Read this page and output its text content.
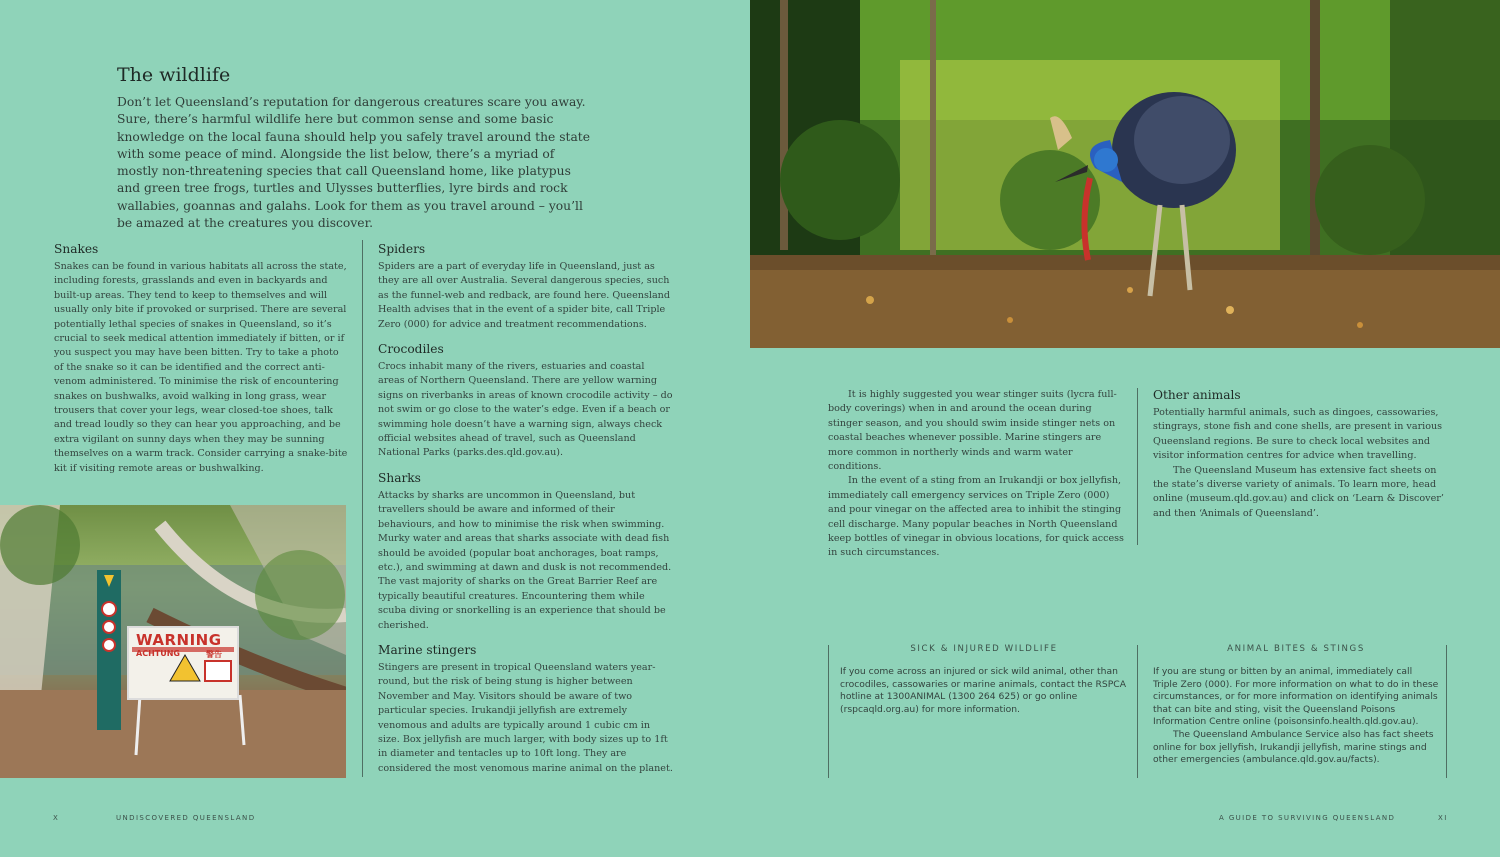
The wildlife

Don’t let Queensland’s reputation for dangerous creatures scare you away. Sure, there’s harmful wildlife here but common sense and some basic knowledge on the local fauna should help you safely travel around the state with some peace of mind. Alongside the list below, there’s a myriad of mostly non-threatening species that call Queensland home, like platypus and green tree frogs, turtles and Ulysses butterflies, lyre birds and rock wallabies, goannas and galahs. Look for them as you travel around – you’ll be amazed at the creatures you discover.

Snakes

Snakes can be found in various habitats all across the state, including forests, grasslands and even in backyards and built-up areas. They tend to keep to themselves and will usually only bite if provoked or surprised. There are several potentially lethal species of snakes in Queensland, so it’s crucial to seek medical attention immediately if bitten, or if you suspect you may have been bitten. Try to take a photo of the snake so it can be identified and the correct anti-venom administered. To minimise the risk of encountering snakes on bushwalks, avoid walking in long grass, wear trousers that cover your legs, wear closed-toe shoes, talk and tread loudly so they can hear you approaching, and be extra vigilant on sunny days when they may be sunning themselves on a warm track. Consider carrying a snake-bite kit if visiting remote areas or bushwalking.

Spiders

Spiders are a part of everyday life in Queensland, just as they are all over Australia. Several dangerous species, such as the funnel-web and redback, are found here. Queensland Health advises that in the event of a spider bite, call Triple Zero (000) for advice and treatment recommendations.

Crocodiles

Crocs inhabit many of the rivers, estuaries and coastal areas of Northern Queensland. There are yellow warning signs on riverbanks in areas of known crocodile activity – do not swim or go close to the water’s edge. Even if a beach or swimming hole doesn’t have a warning sign, always check official websites ahead of travel, such as Queensland National Parks (parks.des.qld.gov.au).

Sharks

Attacks by sharks are uncommon in Queensland, but travellers should be aware and informed of their behaviours, and how to minimise the risk when swimming. Murky water and areas that sharks associate with dead fish should be avoided (popular boat anchorages, boat ramps, etc.), and swimming at dawn and dusk is not recommended. The vast majority of sharks on the Great Barrier Reef are typically beautiful creatures. Encountering them while scuba diving or snorkelling is an experience that should be cherished.

Marine stingers

Stingers are present in tropical Queensland waters year-round, but the risk of being stung is higher between November and May. Visitors should be aware of two particular species. Irukandji jellyfish are extremely venomous and adults are typically around 1 cubic cm in size. Box jellyfish are much larger, with body sizes up to 1ft in diameter and tentacles up to 10ft long. They are considered the most venomous marine animal on the planet.

WARNING
ACHTUNG	警告

It is highly suggested you wear stinger suits (lycra full-body coverings) when in and around the ocean during stinger season, and you should swim inside stinger nets on coastal beaches whenever possible. Marine stingers are more common in northerly winds and warm water conditions.

In the event of a sting from an Irukandji or box jellyfish, immediately call emergency services on Triple Zero (000) and pour vinegar on the affected area to inhibit the stinging cell discharge. Many popular beaches in North Queensland keep bottles of vinegar in obvious locations, for quick access in such circumstances.

Other animals

Potentially harmful animals, such as dingoes, cassowaries, stingrays, stone fish and cone shells, are present in various Queensland regions. Be sure to check local websites and visitor information centres for advice when travelling.

The Queensland Museum has extensive fact sheets on the state’s diverse variety of animals. To learn more, head online (museum.qld.gov.au) and click on ‘Learn & Discover’ and then ‘Animals of Queensland’.

SICK & INJURED WILDLIFE

If you come across an injured or sick wild animal, other than crocodiles, cassowaries or marine animals, contact the RSPCA hotline at 1300ANIMAL (1300 264 625) or go online (rspcaqld.org.au) for more information.

ANIMAL BITES & STINGS

If you are stung or bitten by an animal, immediately call Triple Zero (000). For more information on what to do in these circumstances, or for more information on identifying animals that can bite and sting, visit the Queensland Poisons Information Centre online (poisonsinfo.health.qld.gov.au).

The Queensland Ambulance Service also has fact sheets online for box jellyfish, Irukandji jellyfish, marine stings and other emergencies (ambulance.qld.gov.au/facts).

X	UNDISCOVERED QUEENSLAND	A GUIDE TO SURVIVING QUEENSLAND	XI
